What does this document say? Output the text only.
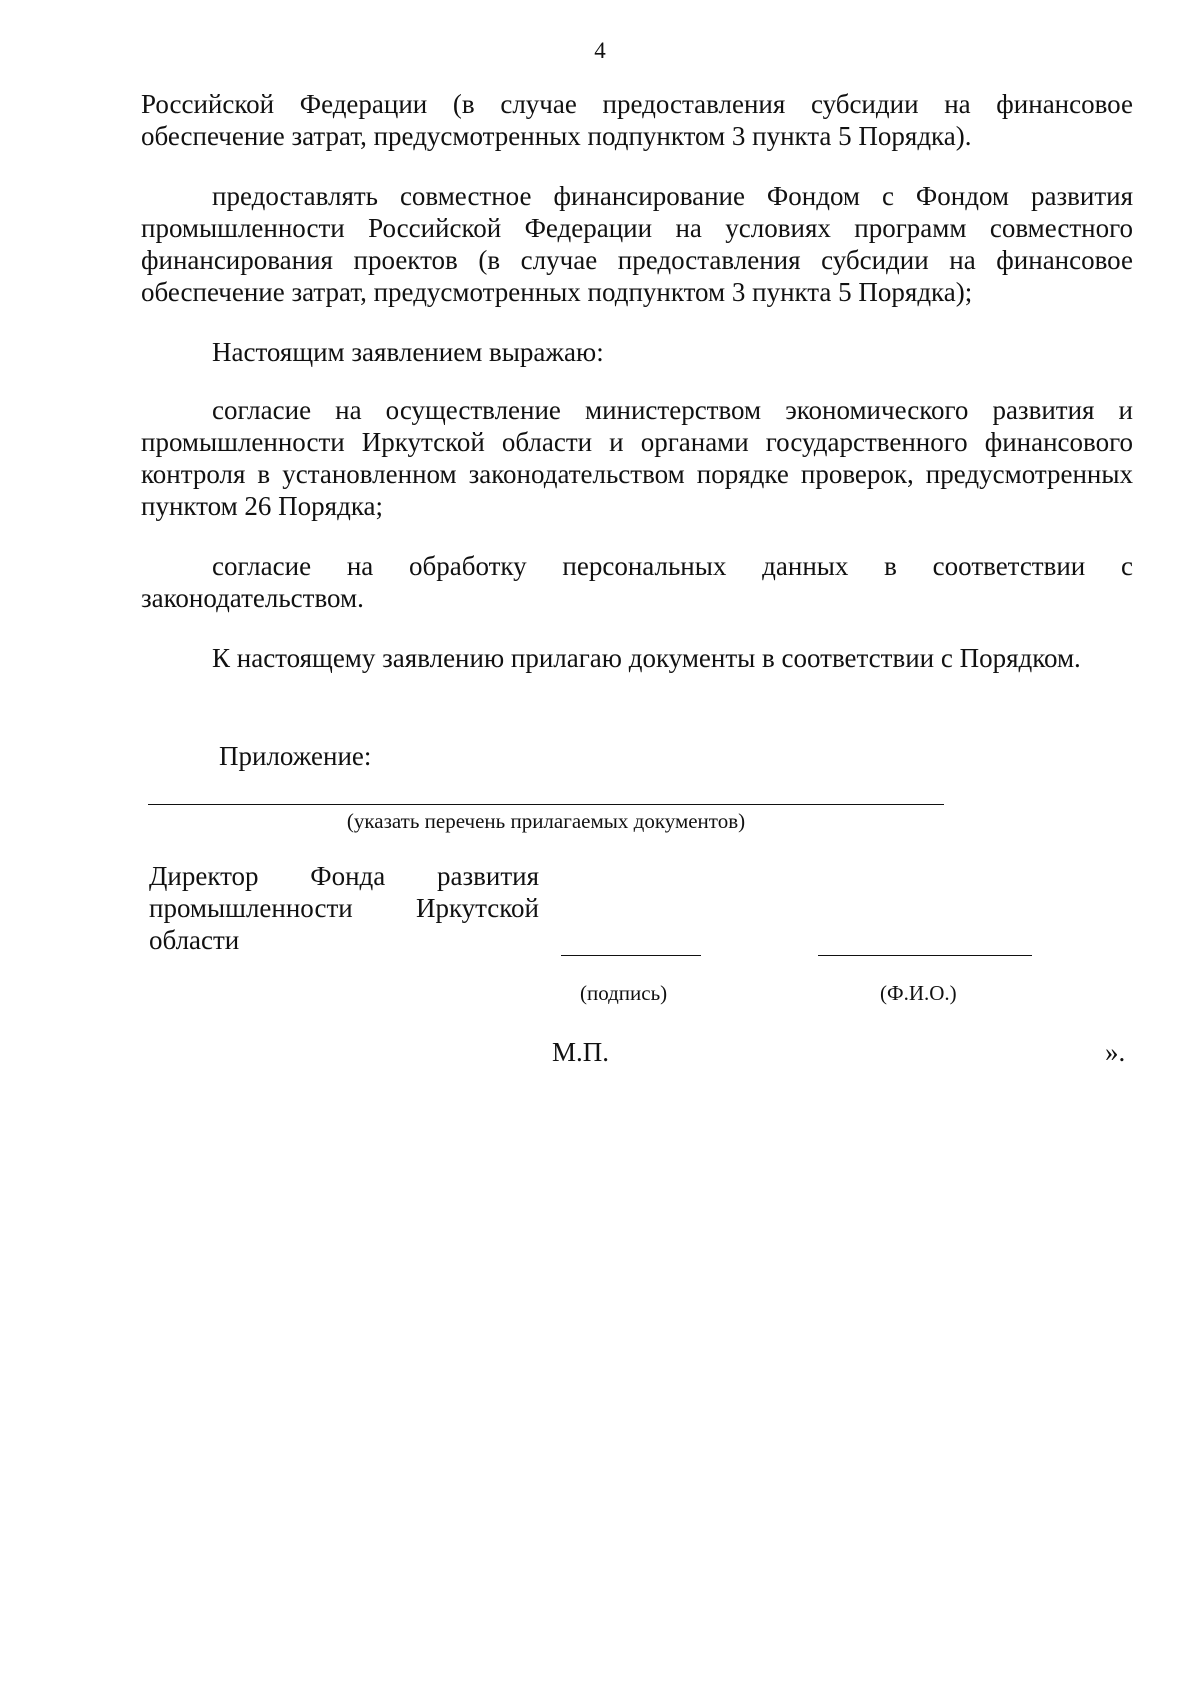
4

Российской Федерации (в случае предоставления субсидии на финансовое обеспечение затрат, предусмотренных подпунктом 3 пункта 5 Порядка).

предоставлять совместное финансирование Фондом с Фондом развития промышленности Российской Федерации на условиях программ совместного финансирования проектов (в случае предоставления субсидии на финансовое обеспечение затрат, предусмотренных подпунктом 3 пункта 5 Порядка);

Настоящим заявлением выражаю:

согласие на осуществление министерством экономического развития и промышленности Иркутской области и органами государственного финансового контроля в установленном законодательством порядке проверок, предусмотренных пунктом 26 Порядка;

согласие на обработку персональных данных в соответствии с законодательством.

К настоящему заявлению прилагаю документы в соответствии с Порядком.

Приложение:
(указать перечень прилагаемых документов)
Директор Фонда развития промышленности Иркутской области
(подпись)	(Ф.И.О.)
М.П.	».
